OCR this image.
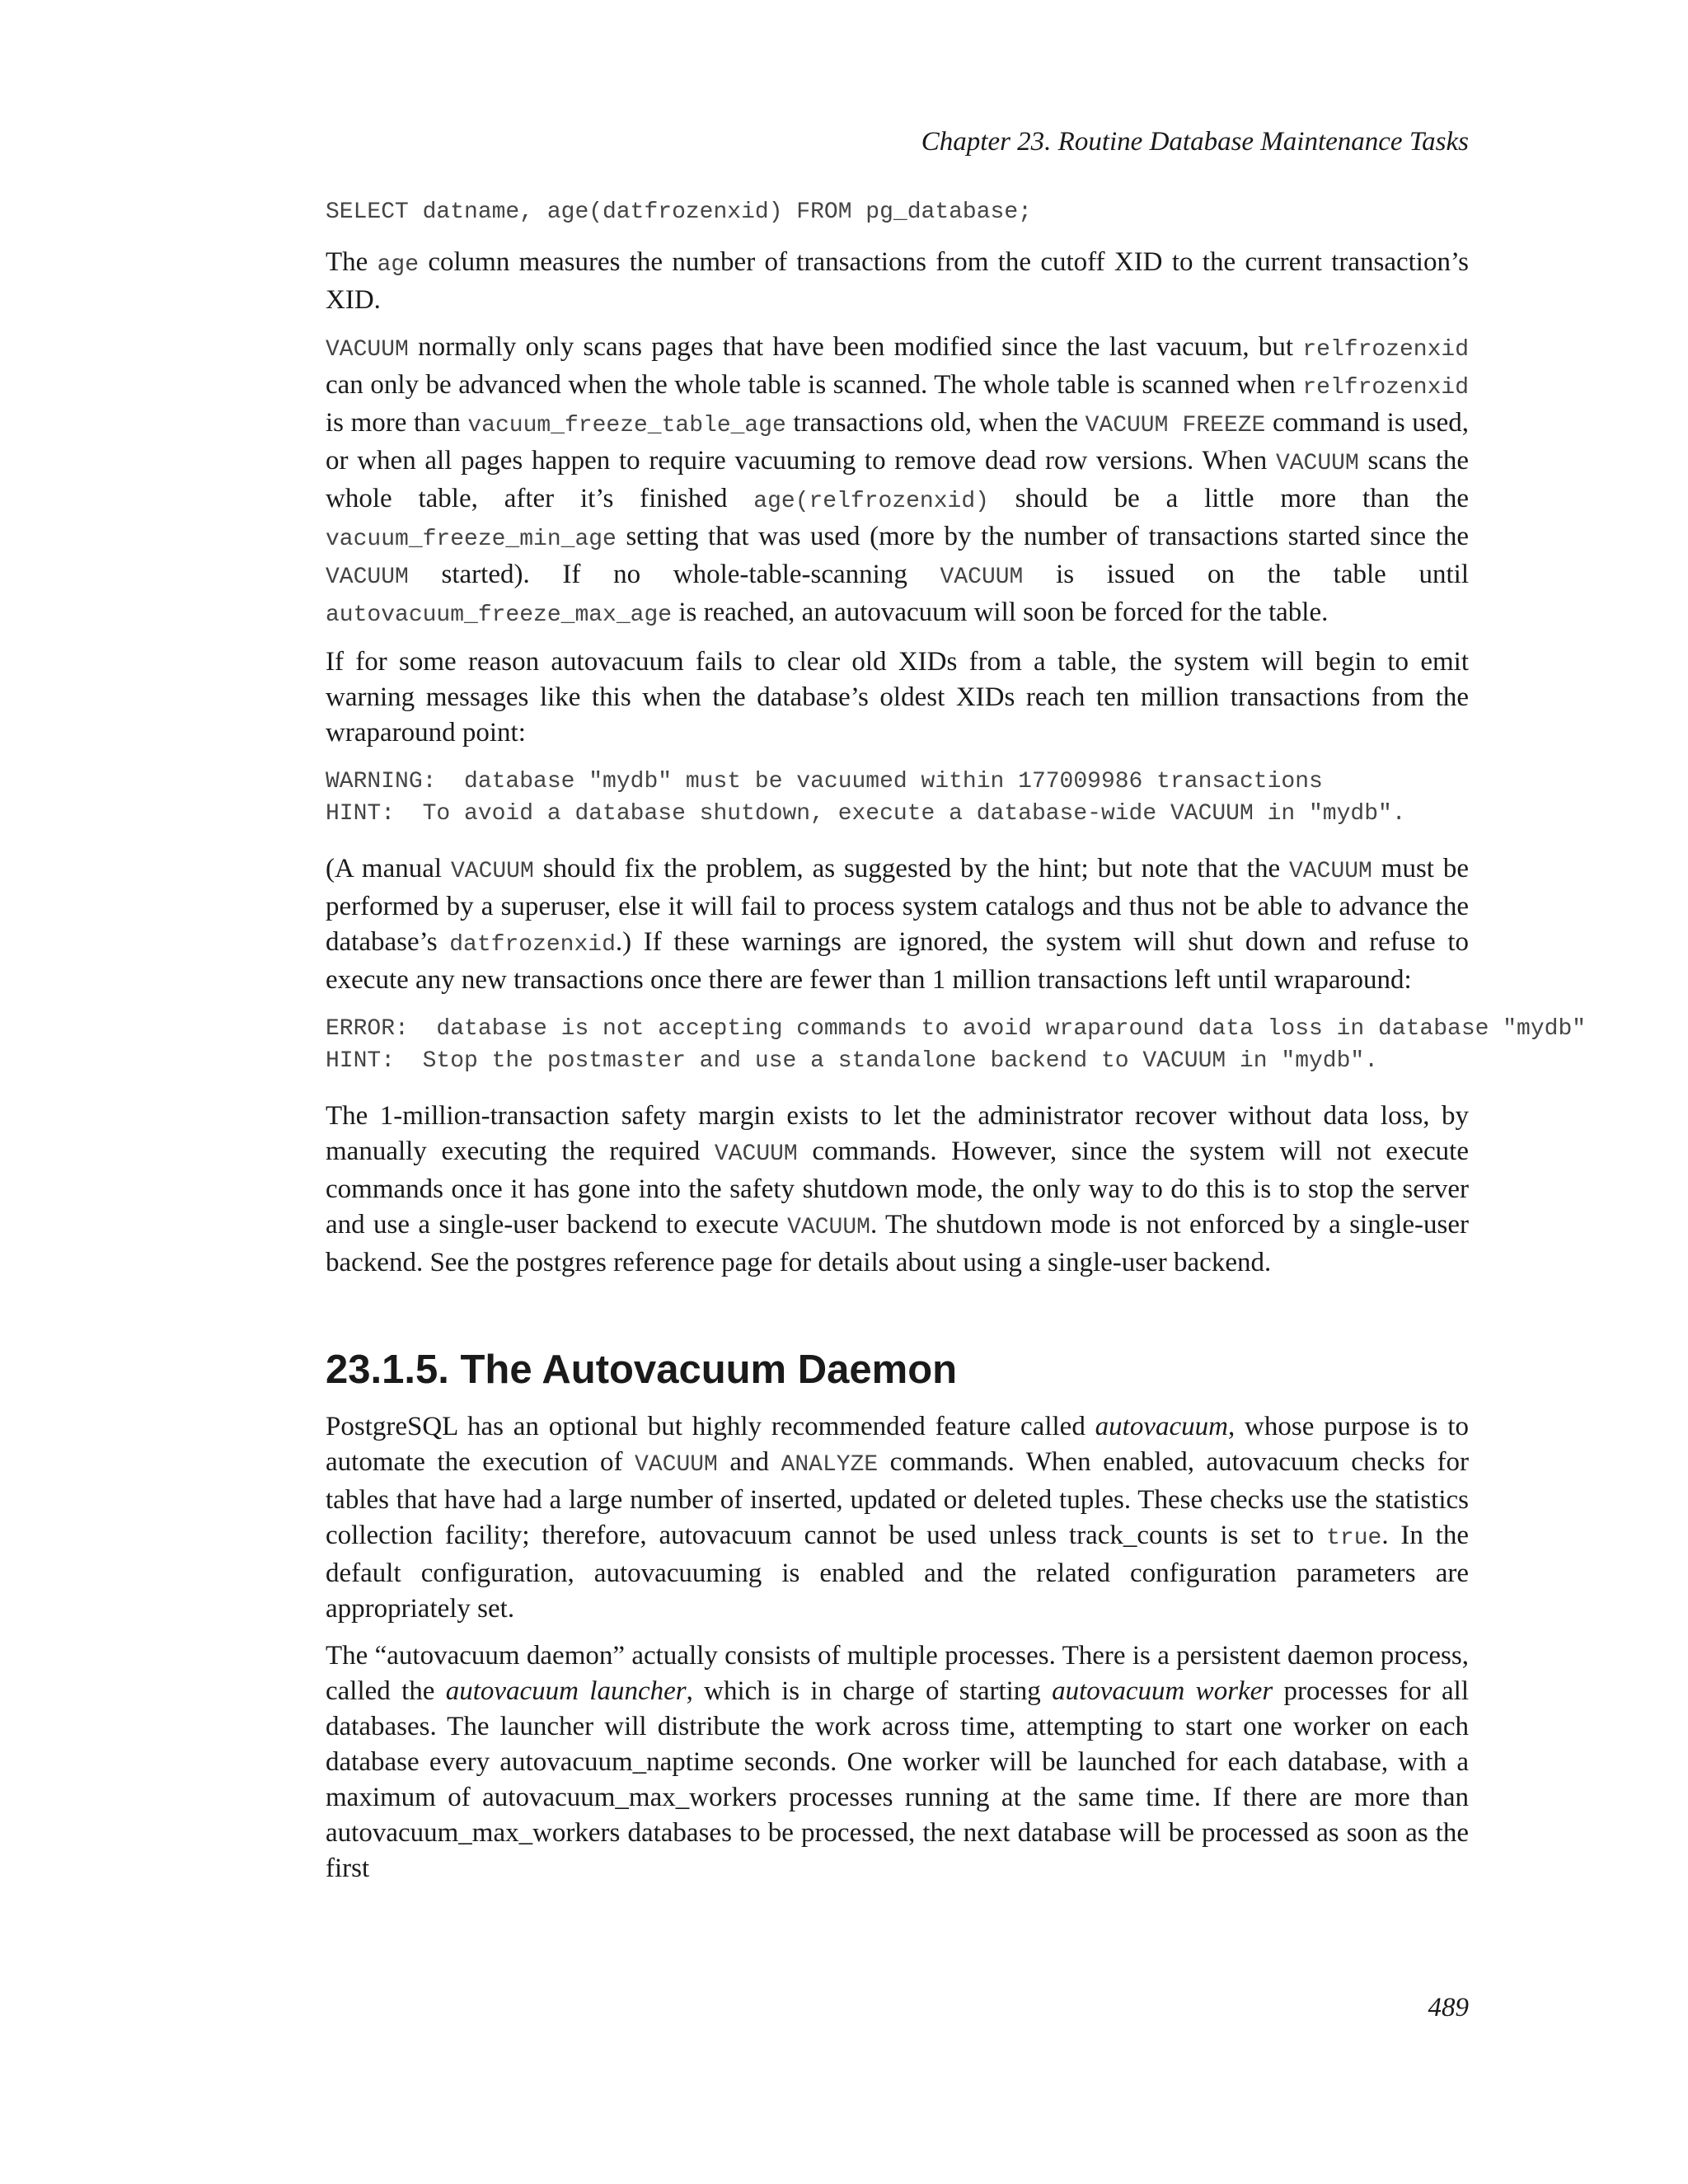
Chapter 23. Routine Database Maintenance Tasks
SELECT datname, age(datfrozenxid) FROM pg_database;

The age column measures the number of transactions from the cutoff XID to the current transaction’s XID.

VACUUM normally only scans pages that have been modified since the last vacuum, but relfrozenxid can only be advanced when the whole table is scanned. The whole table is scanned when relfrozenxid is more than vacuum_freeze_table_age transactions old, when the VACUUM FREEZE command is used, or when all pages happen to require vacuuming to remove dead row versions. When VACUUM scans the whole table, after it’s finished age(relfrozenxid) should be a little more than the vacuum_freeze_min_age setting that was used (more by the number of transactions started since the VACUUM started). If no whole-table-scanning VACUUM is issued on the table until autovacuum_freeze_max_age is reached, an autovacuum will soon be forced for the table.

If for some reason autovacuum fails to clear old XIDs from a table, the system will begin to emit warning messages like this when the database’s oldest XIDs reach ten million transactions from the wraparound point:

WARNING:  database "mydb" must be vacuumed within 177009986 transactions
HINT:  To avoid a database shutdown, execute a database-wide VACUUM in "mydb".

(A manual VACUUM should fix the problem, as suggested by the hint; but note that the VACUUM must be performed by a superuser, else it will fail to process system catalogs and thus not be able to advance the database’s datfrozenxid.) If these warnings are ignored, the system will shut down and refuse to execute any new transactions once there are fewer than 1 million transactions left until wraparound:

ERROR:  database is not accepting commands to avoid wraparound data loss in database "mydb"
HINT:  Stop the postmaster and use a standalone backend to VACUUM in "mydb".

The 1-million-transaction safety margin exists to let the administrator recover without data loss, by manually executing the required VACUUM commands. However, since the system will not execute commands once it has gone into the safety shutdown mode, the only way to do this is to stop the server and use a single-user backend to execute VACUUM. The shutdown mode is not enforced by a single-user backend. See the postgres reference page for details about using a single-user backend.

23.1.5. The Autovacuum Daemon

PostgreSQL has an optional but highly recommended feature called autovacuum, whose purpose is to automate the execution of VACUUM and ANALYZE commands. When enabled, autovacuum checks for tables that have had a large number of inserted, updated or deleted tuples. These checks use the statistics collection facility; therefore, autovacuum cannot be used unless track_counts is set to true. In the default configuration, autovacuuming is enabled and the related configuration parameters are appropriately set.

The “autovacuum daemon” actually consists of multiple processes. There is a persistent daemon process, called the autovacuum launcher, which is in charge of starting autovacuum worker processes for all databases. The launcher will distribute the work across time, attempting to start one worker on each database every autovacuum_naptime seconds. One worker will be launched for each database, with a maximum of autovacuum_max_workers processes running at the same time. If there are more than autovacuum_max_workers databases to be processed, the next database will be processed as soon as the first

489
